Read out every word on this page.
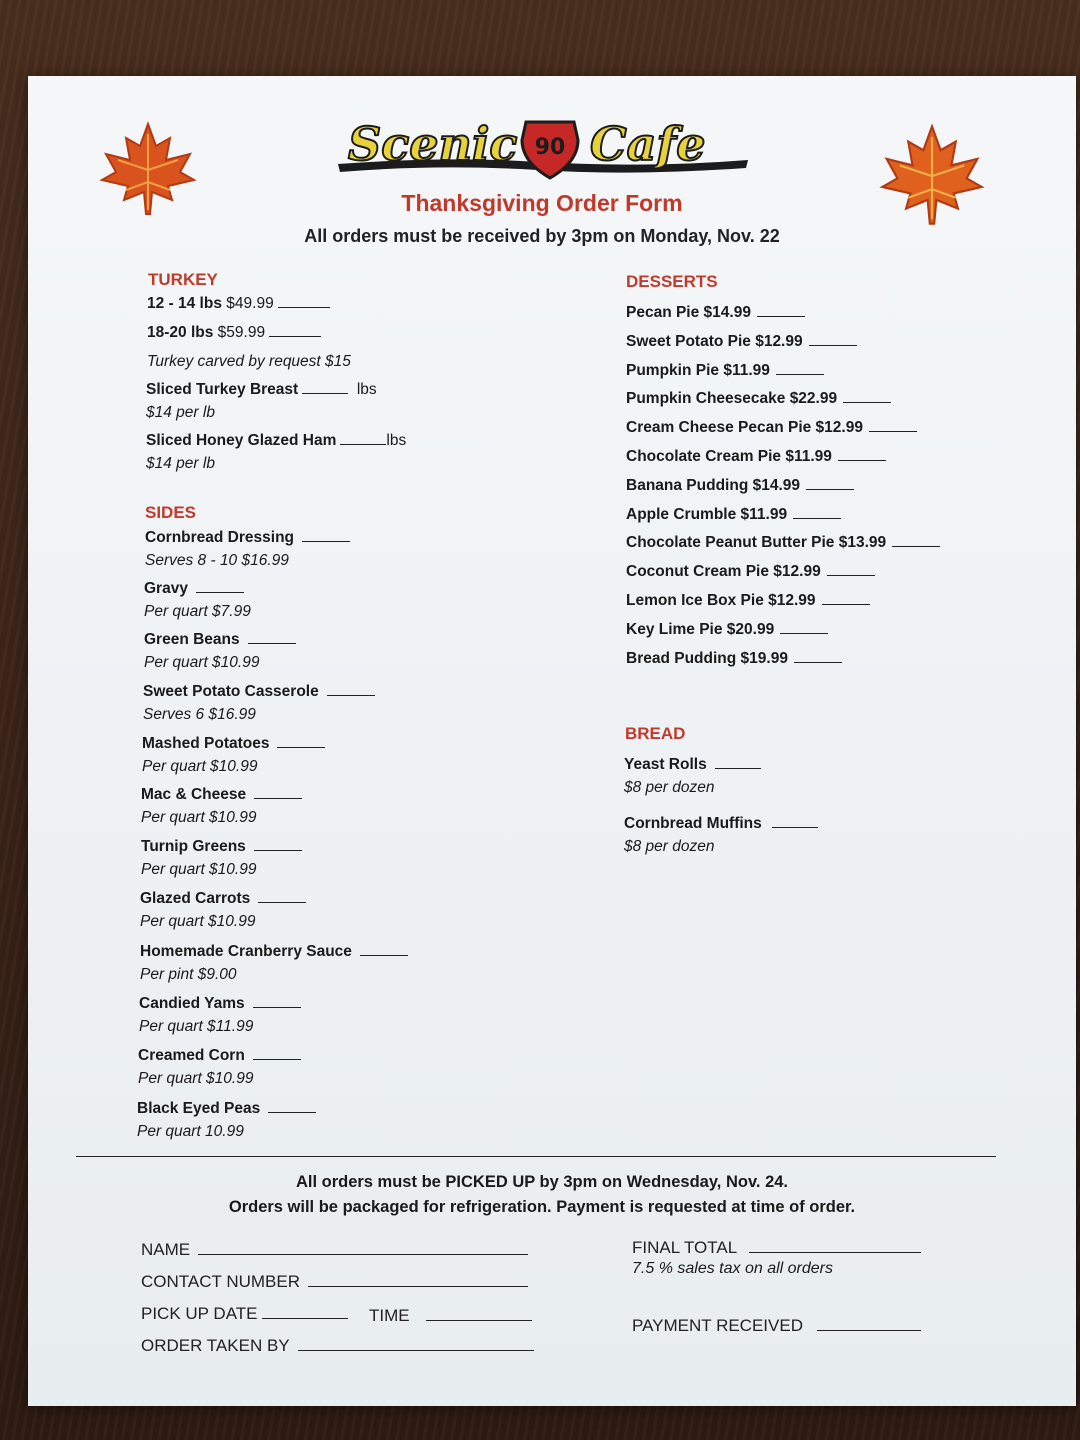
Scenic 90 Cafe
Thanksgiving Order Form
All orders must be received by 3pm on Monday, Nov. 22
TURKEY
12 - 14 lbs $49.99
18-20 lbs $59.99
Turkey carved by request $15
Sliced Turkey Breast	lbs
$14 per lb
Sliced Honey Glazed Ham	lbs
$14 per lb
SIDES
Cornbread Dressing
Serves 8 - 10 $16.99
Gravy
Per quart $7.99
Green Beans
Per quart $10.99
Sweet Potato Casserole
Serves 6 $16.99
Mashed Potatoes
Per quart $10.99
Mac & Cheese
Per quart $10.99
Turnip Greens
Per quart $10.99
Glazed Carrots
Per quart $10.99
Homemade Cranberry Sauce
Per pint $9.00
Candied Yams
Per quart $11.99
Creamed Corn
Per quart $10.99
Black Eyed Peas
Per quart 10.99
DESSERTS
Pecan Pie $14.99
Sweet Potato Pie $12.99
Pumpkin Pie $11.99
Pumpkin Cheesecake $22.99
Cream Cheese Pecan Pie $12.99
Chocolate Cream Pie $11.99
Banana Pudding $14.99
Apple Crumble $11.99
Chocolate Peanut Butter Pie $13.99
Coconut Cream Pie $12.99
Lemon Ice Box Pie $12.99
Key Lime Pie $20.99
Bread Pudding $19.99
BREAD
Yeast Rolls
$8 per dozen
Cornbread Muffins
$8 per dozen
All orders must be PICKED UP by 3pm on Wednesday, Nov. 24.
Orders will be packaged for refrigeration. Payment is requested at time of order.
NAME
CONTACT NUMBER
PICK UP DATE	TIME
ORDER TAKEN BY
FINAL TOTAL
7.5 % sales tax on all orders
PAYMENT RECEIVED
